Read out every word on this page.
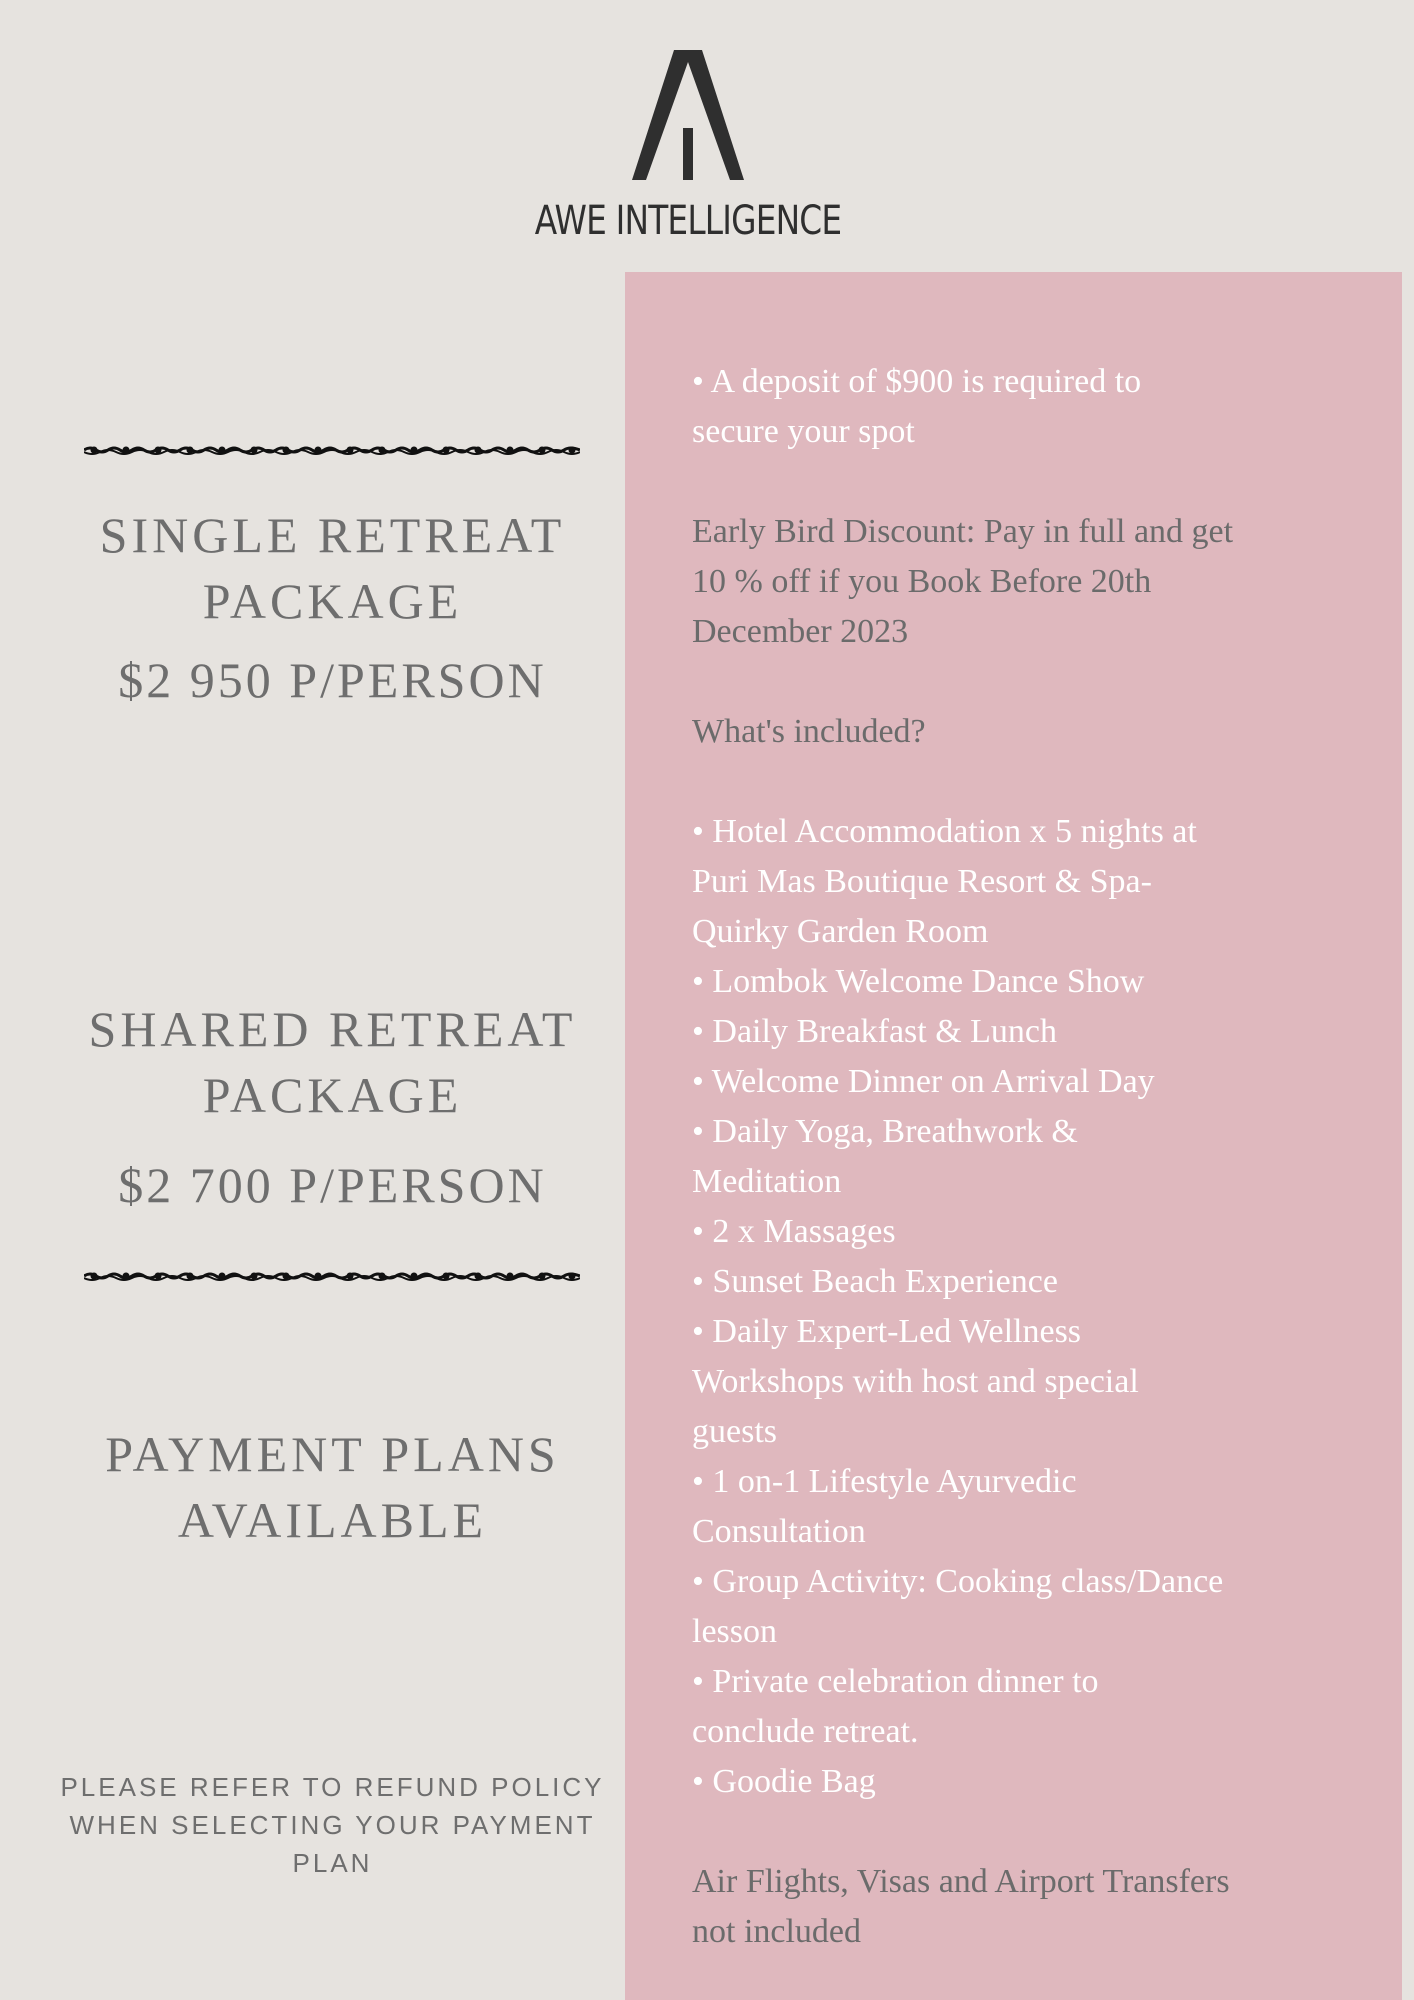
AWE INTELLIGENCE
SINGLE RETREAT
PACKAGE
$2 950 P/PERSON
SHARED RETREAT
PACKAGE
$2 700 P/PERSON
PAYMENT PLANS
AVAILABLE
PLEASE REFER TO REFUND POLICY
WHEN SELECTING YOUR PAYMENT
PLAN
• A deposit of $900 is required to
secure your spot
Early Bird Discount: Pay in full and get
10 % off if you Book Before 20th
December 2023
What's included?
• Hotel Accommodation x 5 nights at
Puri Mas Boutique Resort & Spa-
Quirky Garden Room
• Lombok Welcome Dance Show
• Daily Breakfast & Lunch
• Welcome Dinner on Arrival Day
• Daily Yoga, Breathwork &
Meditation
• 2 x Massages
• Sunset Beach Experience
• Daily Expert-Led Wellness
Workshops with host and special
guests
• 1 on-1 Lifestyle Ayurvedic
Consultation
• Group Activity: Cooking class/Dance
lesson
• Private celebration dinner to
conclude retreat.
• Goodie Bag
Air Flights, Visas and Airport Transfers
not included
